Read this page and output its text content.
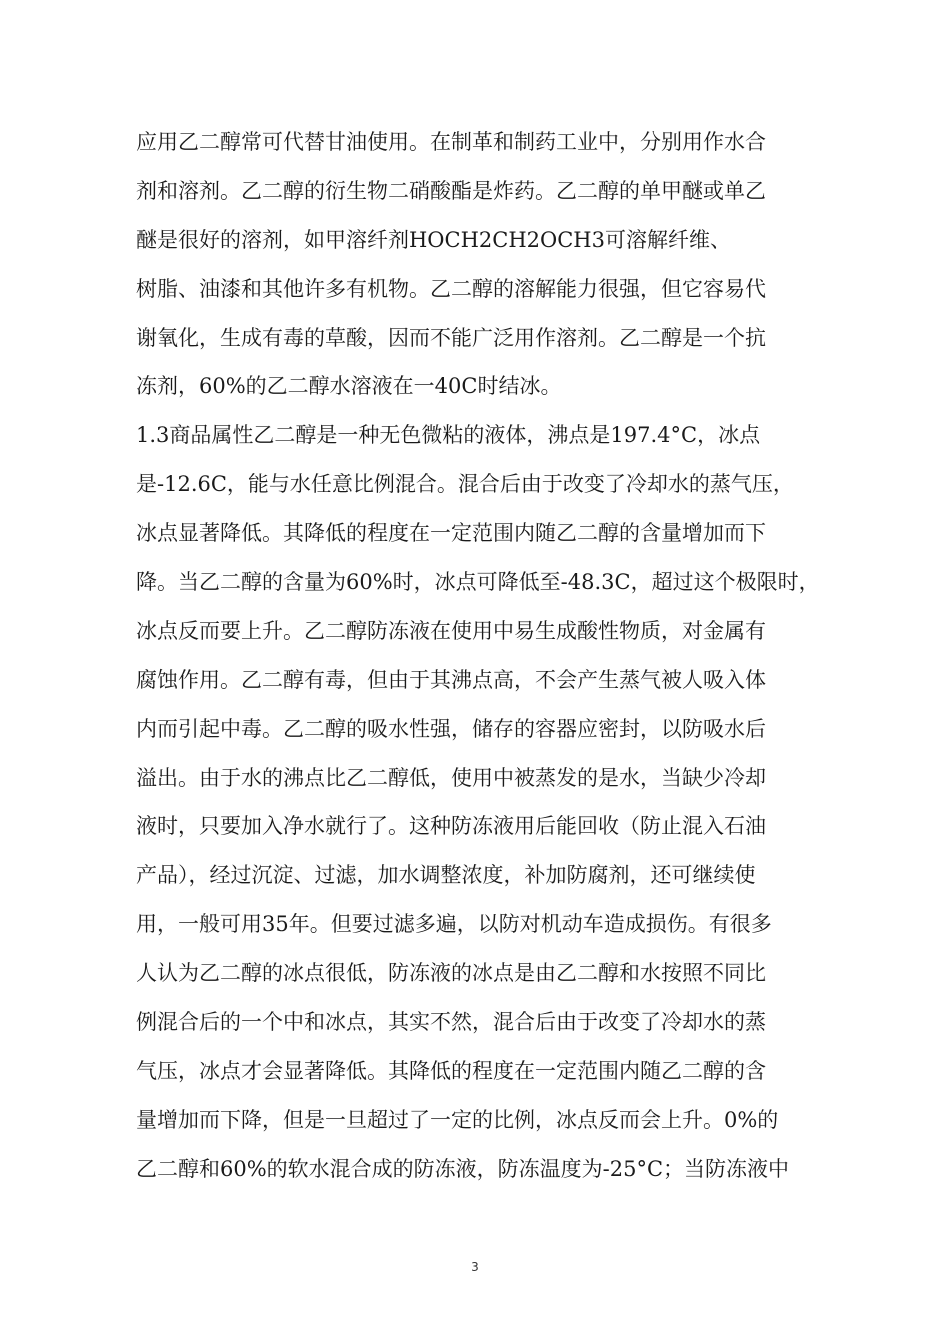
应用乙二醇常可代替甘油使用。在制革和制药工业中，分别用作水合
剂和溶剂。乙二醇的衍生物二硝酸酯是炸药。乙二醇的单甲醚或单乙
醚是很好的溶剂，如甲溶纤剂HOCH2CH2OCH3可溶解纤维、
树脂、油漆和其他许多有机物。乙二醇的溶解能力很强，但它容易代
谢氧化，生成有毒的草酸，因而不能广泛用作溶剂。乙二醇是一个抗
冻剂，60%的乙二醇水溶液在一40C时结冰。
1.3商品属性乙二醇是一种无色微粘的液体，沸点是197.4°C，冰点
是-12.6C，能与水任意比例混合。混合后由于改变了冷却水的蒸气压，
冰点显著降低。其降低的程度在一定范围内随乙二醇的含量增加而下
降。当乙二醇的含量为60%时，冰点可降低至-48.3C，超过这个极限时，
冰点反而要上升。乙二醇防冻液在使用中易生成酸性物质，对金属有
腐蚀作用。乙二醇有毒，但由于其沸点高，不会产生蒸气被人吸入体
内而引起中毒。乙二醇的吸水性强，储存的容器应密封，以防吸水后
溢出。由于水的沸点比乙二醇低，使用中被蒸发的是水，当缺少冷却
液时，只要加入净水就行了。这种防冻液用后能回收（防止混入石油
产品），经过沉淀、过滤，加水调整浓度，补加防腐剂，还可继续使
用，一般可用35年。但要过滤多遍，以防对机动车造成损伤。有很多
人认为乙二醇的冰点很低，防冻液的冰点是由乙二醇和水按照不同比
例混合后的一个中和冰点，其实不然，混合后由于改变了冷却水的蒸
气压，冰点才会显著降低。其降低的程度在一定范围内随乙二醇的含
量增加而下降，但是一旦超过了一定的比例，冰点反而会上升。0%的
乙二醇和60%的软水混合成的防冻液，防冻温度为-25°C；当防冻液中
3
